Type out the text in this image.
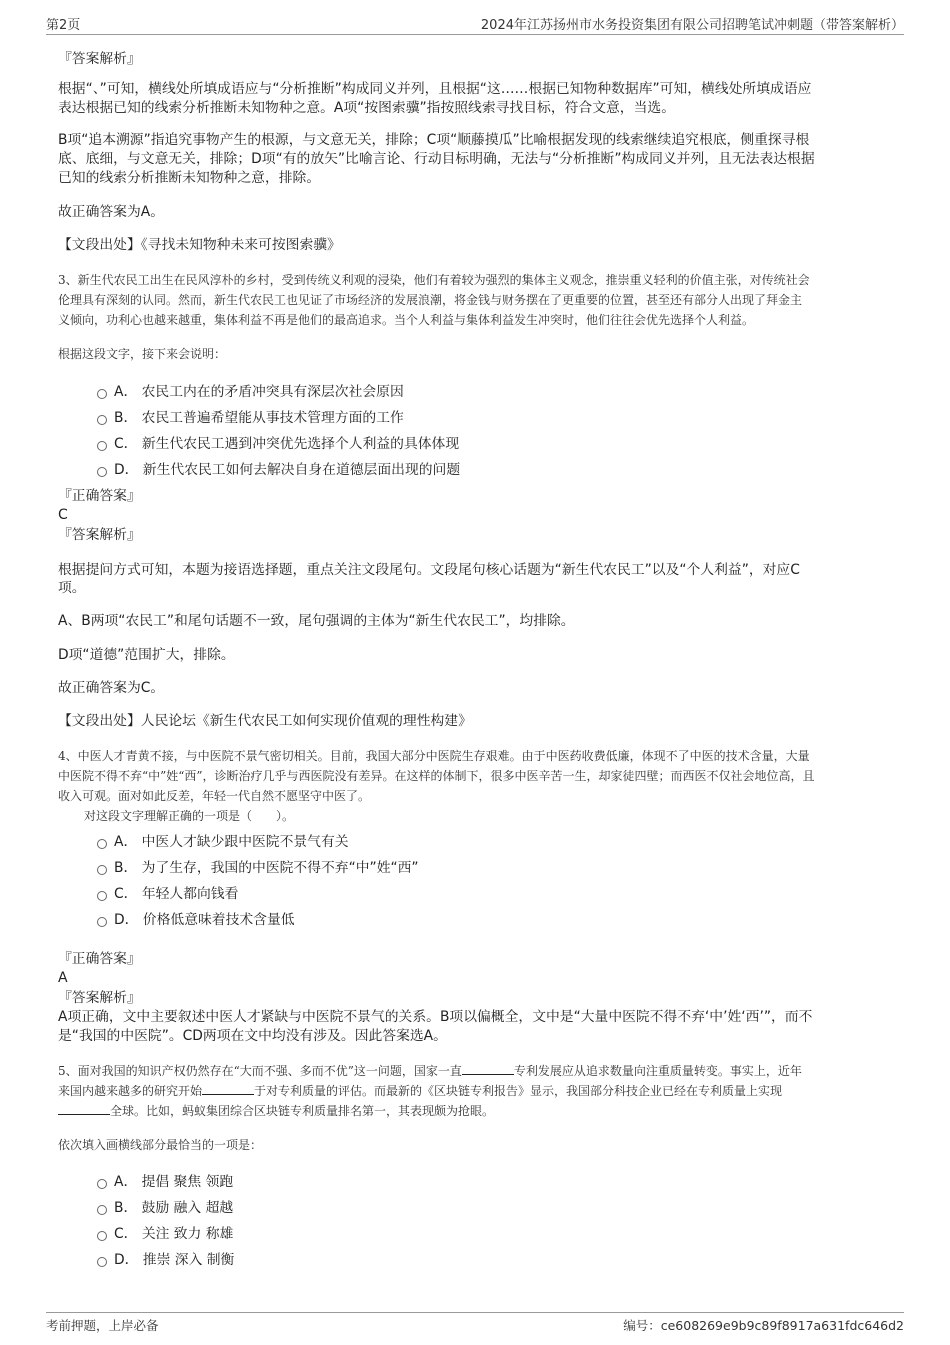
第2页	2024年江苏扬州市水务投资集团有限公司招聘笔试冲刺题（带答案解析）
『答案解析』
根据“、”可知，横线处所填成语应与“分析推断”构成同义并列，且根据“这……根据已知物种数据库”可知，横线处所填成语应
表达根据已知的线索分析推断未知物种之意。A项“按图索骥”指按照线索寻找目标，符合文意，当选。
B项“追本溯源”指追究事物产生的根源，与文意无关，排除；C项“顺藤摸瓜”比喻根据发现的线索继续追究根底，侧重探寻根
底、底细，与文意无关，排除；D项“有的放矢”比喻言论、行动目标明确，无法与“分析推断”构成同义并列，且无法表达根据
已知的线索分析推断未知物种之意，排除。
故正确答案为A。
【文段出处】《寻找未知物种未来可按图索骥》
3、新生代农民工出生在民风淳朴的乡村，受到传统义利观的浸染，他们有着较为强烈的集体主义观念，推崇重义轻利的价值主张，对传统社会
伦理具有深刻的认同。然而，新生代农民工也见证了市场经济的发展浪潮，将金钱与财务摆在了更重要的位置，甚至还有部分人出现了拜金主
义倾向，功利心也越来越重，集体利益不再是他们的最高追求。当个人利益与集体利益发生冲突时，他们往往会优先选择个人利益。
根据这段文字，接下来会说明：
A． 农民工内在的矛盾冲突具有深层次社会原因
B． 农民工普遍希望能从事技术管理方面的工作
C． 新生代农民工遇到冲突优先选择个人利益的具体体现
D． 新生代农民工如何去解决自身在道德层面出现的问题
『正确答案』
C
『答案解析』
根据提问方式可知，本题为接语选择题，重点关注文段尾句。文段尾句核心话题为“新生代农民工”以及“个人利益”，对应C
项。
A、B两项“农民工”和尾句话题不一致，尾句强调的主体为“新生代农民工”，均排除。
D项“道德”范围扩大，排除。
故正确答案为C。
【文段出处】人民论坛《新生代农民工如何实现价值观的理性构建》
4、中医人才青黄不接，与中医院不景气密切相关。目前，我国大部分中医院生存艰难。由于中医药收费低廉，体现不了中医的技术含量，大量
中医院不得不弃“中”姓“西”，诊断治疗几乎与西医院没有差异。在这样的体制下，很多中医辛苦一生，却家徒四壁；而西医不仅社会地位高，且
收入可观。面对如此反差，年轻一代自然不愿坚守中医了。
对这段文字理解正确的一项是（　　）。
A． 中医人才缺少跟中医院不景气有关
B． 为了生存，我国的中医院不得不弃“中”姓“西”
C． 年轻人都向钱看
D． 价格低意味着技术含量低
『正确答案』
A
『答案解析』
A项正确，文中主要叙述中医人才紧缺与中医院不景气的关系。B项以偏概全，文中是“大量中医院不得不弃‘中’姓‘西’”，而不
是“我国的中医院”。CD两项在文中均没有涉及。因此答案选A。
5、面对我国的知识产权仍然存在“大而不强、多而不优”这一问题，国家一直	专利发展应从追求数量向注重质量转变。事实上，近年
来国内越来越多的研究开始	于对专利质量的评估。而最新的《区块链专利报告》显示，我国部分科技企业已经在专利质量上实现
全球。比如，蚂蚁集团综合区块链专利质量排名第一，其表现颇为抢眼。
依次填入画横线部分最恰当的一项是：
A． 提倡 聚焦 领跑
B． 鼓励 融入 超越
C． 关注 致力 称雄
D． 推崇 深入 制衡
考前押题，上岸必备	编号：ce608269e9b9c89f8917a631fdc646d2
